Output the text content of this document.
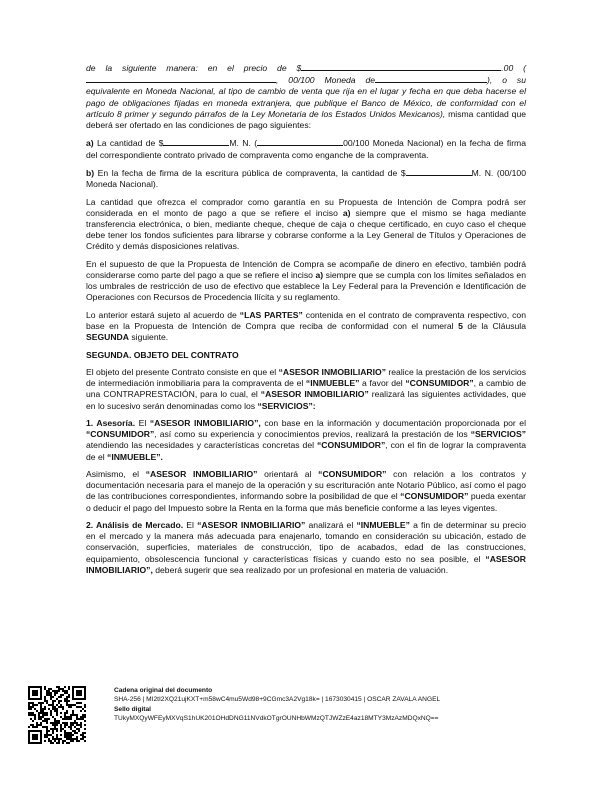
de la siguiente manera: en el precio de $	.00 (, 00/100 Moneda de	), o su equivalente en Moneda Nacional, al tipo de cambio de venta que rija en el lugar y fecha en que deba hacerse el pago de obligaciones fijadas en moneda extranjera, que publique el Banco de México, de conformidad con el artículo 8 primer y segundo párrafos de la Ley Monetaria de los Estados Unidos Mexicanos), misma cantidad que deberá ser ofertado en las condiciones de pago siguientes:

a) La cantidad de $	M. N. (	00/100 Moneda Nacional) en la fecha de firma del correspondiente contrato privado de compraventa como enganche de la compraventa.

b) En la fecha de firma de la escritura pública de compraventa, la cantidad de $	M. N. (00/100 Moneda Nacional).

La cantidad que ofrezca el comprador como garantía en su Propuesta de Intención de Compra podrá ser considerada en el monto de pago a que se refiere el inciso a) siempre que el mismo se haga mediante transferencia electrónica, o bien, mediante cheque, cheque de caja o cheque certificado, en cuyo caso el cheque debe tener los fondos suficientes para librarse y cobrarse conforme a la Ley General de Títulos y Operaciones de Crédito y demás disposiciones relativas.

En el supuesto de que la Propuesta de Intención de Compra se acompañe de dinero en efectivo, también podrá considerarse como parte del pago a que se refiere el inciso a) siempre que se cumpla con los límites señalados en los umbrales de restricción de uso de efectivo que establece la Ley Federal para la Prevención e Identificación de Operaciones con Recursos de Procedencia Ilícita y su reglamento.

Lo anterior estará sujeto al acuerdo de “LAS PARTES” contenida en el contrato de compraventa respectivo, con base en la Propuesta de Intención de Compra que reciba de conformidad con el numeral 5 de la Cláusula SEGUNDA siguiente.

SEGUNDA. OBJETO DEL CONTRATO

El objeto del presente Contrato consiste en que el “ASESOR INMOBILIARIO” realice la prestación de los servicios de intermediación inmobiliaria para la compraventa de el “INMUEBLE” a favor del “CONSUMIDOR”, a cambio de una CONTRAPRESTACIÓN, para lo cual, el “ASESOR INMOBILIARIO” realizará las siguientes actividades, que en lo sucesivo serán denominadas como los “SERVICIOS”:

1. Asesoría. El “ASESOR INMOBILIARIO”, con base en la información y documentación proporcionada por el “CONSUMIDOR”, así como su experiencia y conocimientos previos, realizará la prestación de los “SERVICIOS” atendiendo las necesidades y características concretas del “CONSUMIDOR”, con el fin de lograr la compraventa de el “INMUEBLE”.

Asimismo, el “ASESOR INMOBILIARIO” orientará al “CONSUMIDOR” con relación a los contratos y documentación necesaria para el manejo de la operación y su escrituración ante Notario Público, así como el pago de las contribuciones correspondientes, informando sobre la posibilidad de que el “CONSUMIDOR” pueda exentar o deducir el pago del Impuesto sobre la Renta en la forma que más beneficie conforme a las leyes vigentes.

2. Análisis de Mercado. El “ASESOR INMOBILIARIO” analizará el “INMUEBLE” a fin de determinar su precio en el mercado y la manera más adecuada para enajenarlo, tomando en consideración su ubicación, estado de conservación, superficies, materiales de construcción, tipo de acabados, edad de las construcciones, equipamiento, obsolescencia funcional y características físicas y cuando esto no sea posible, el “ASESOR INMOBILIARIO”, deberá sugerir que sea realizado por un profesional en materia de valuación.

Cadena original del documento
SHA-256 | MI2tI2XQ21ujKXT+m58wC4mu5Wd98+9CGmc3A2Vg18k= | 1673030415 | OSCAR ZAVALA ANGEL
Sello digital
TUkyMXQyWFEyMXVqS1hUK201OHdDNG11NVdkOTgrOUNHbWMzQTJWZzE4az18MTY3MzAzMDQxNQ==
